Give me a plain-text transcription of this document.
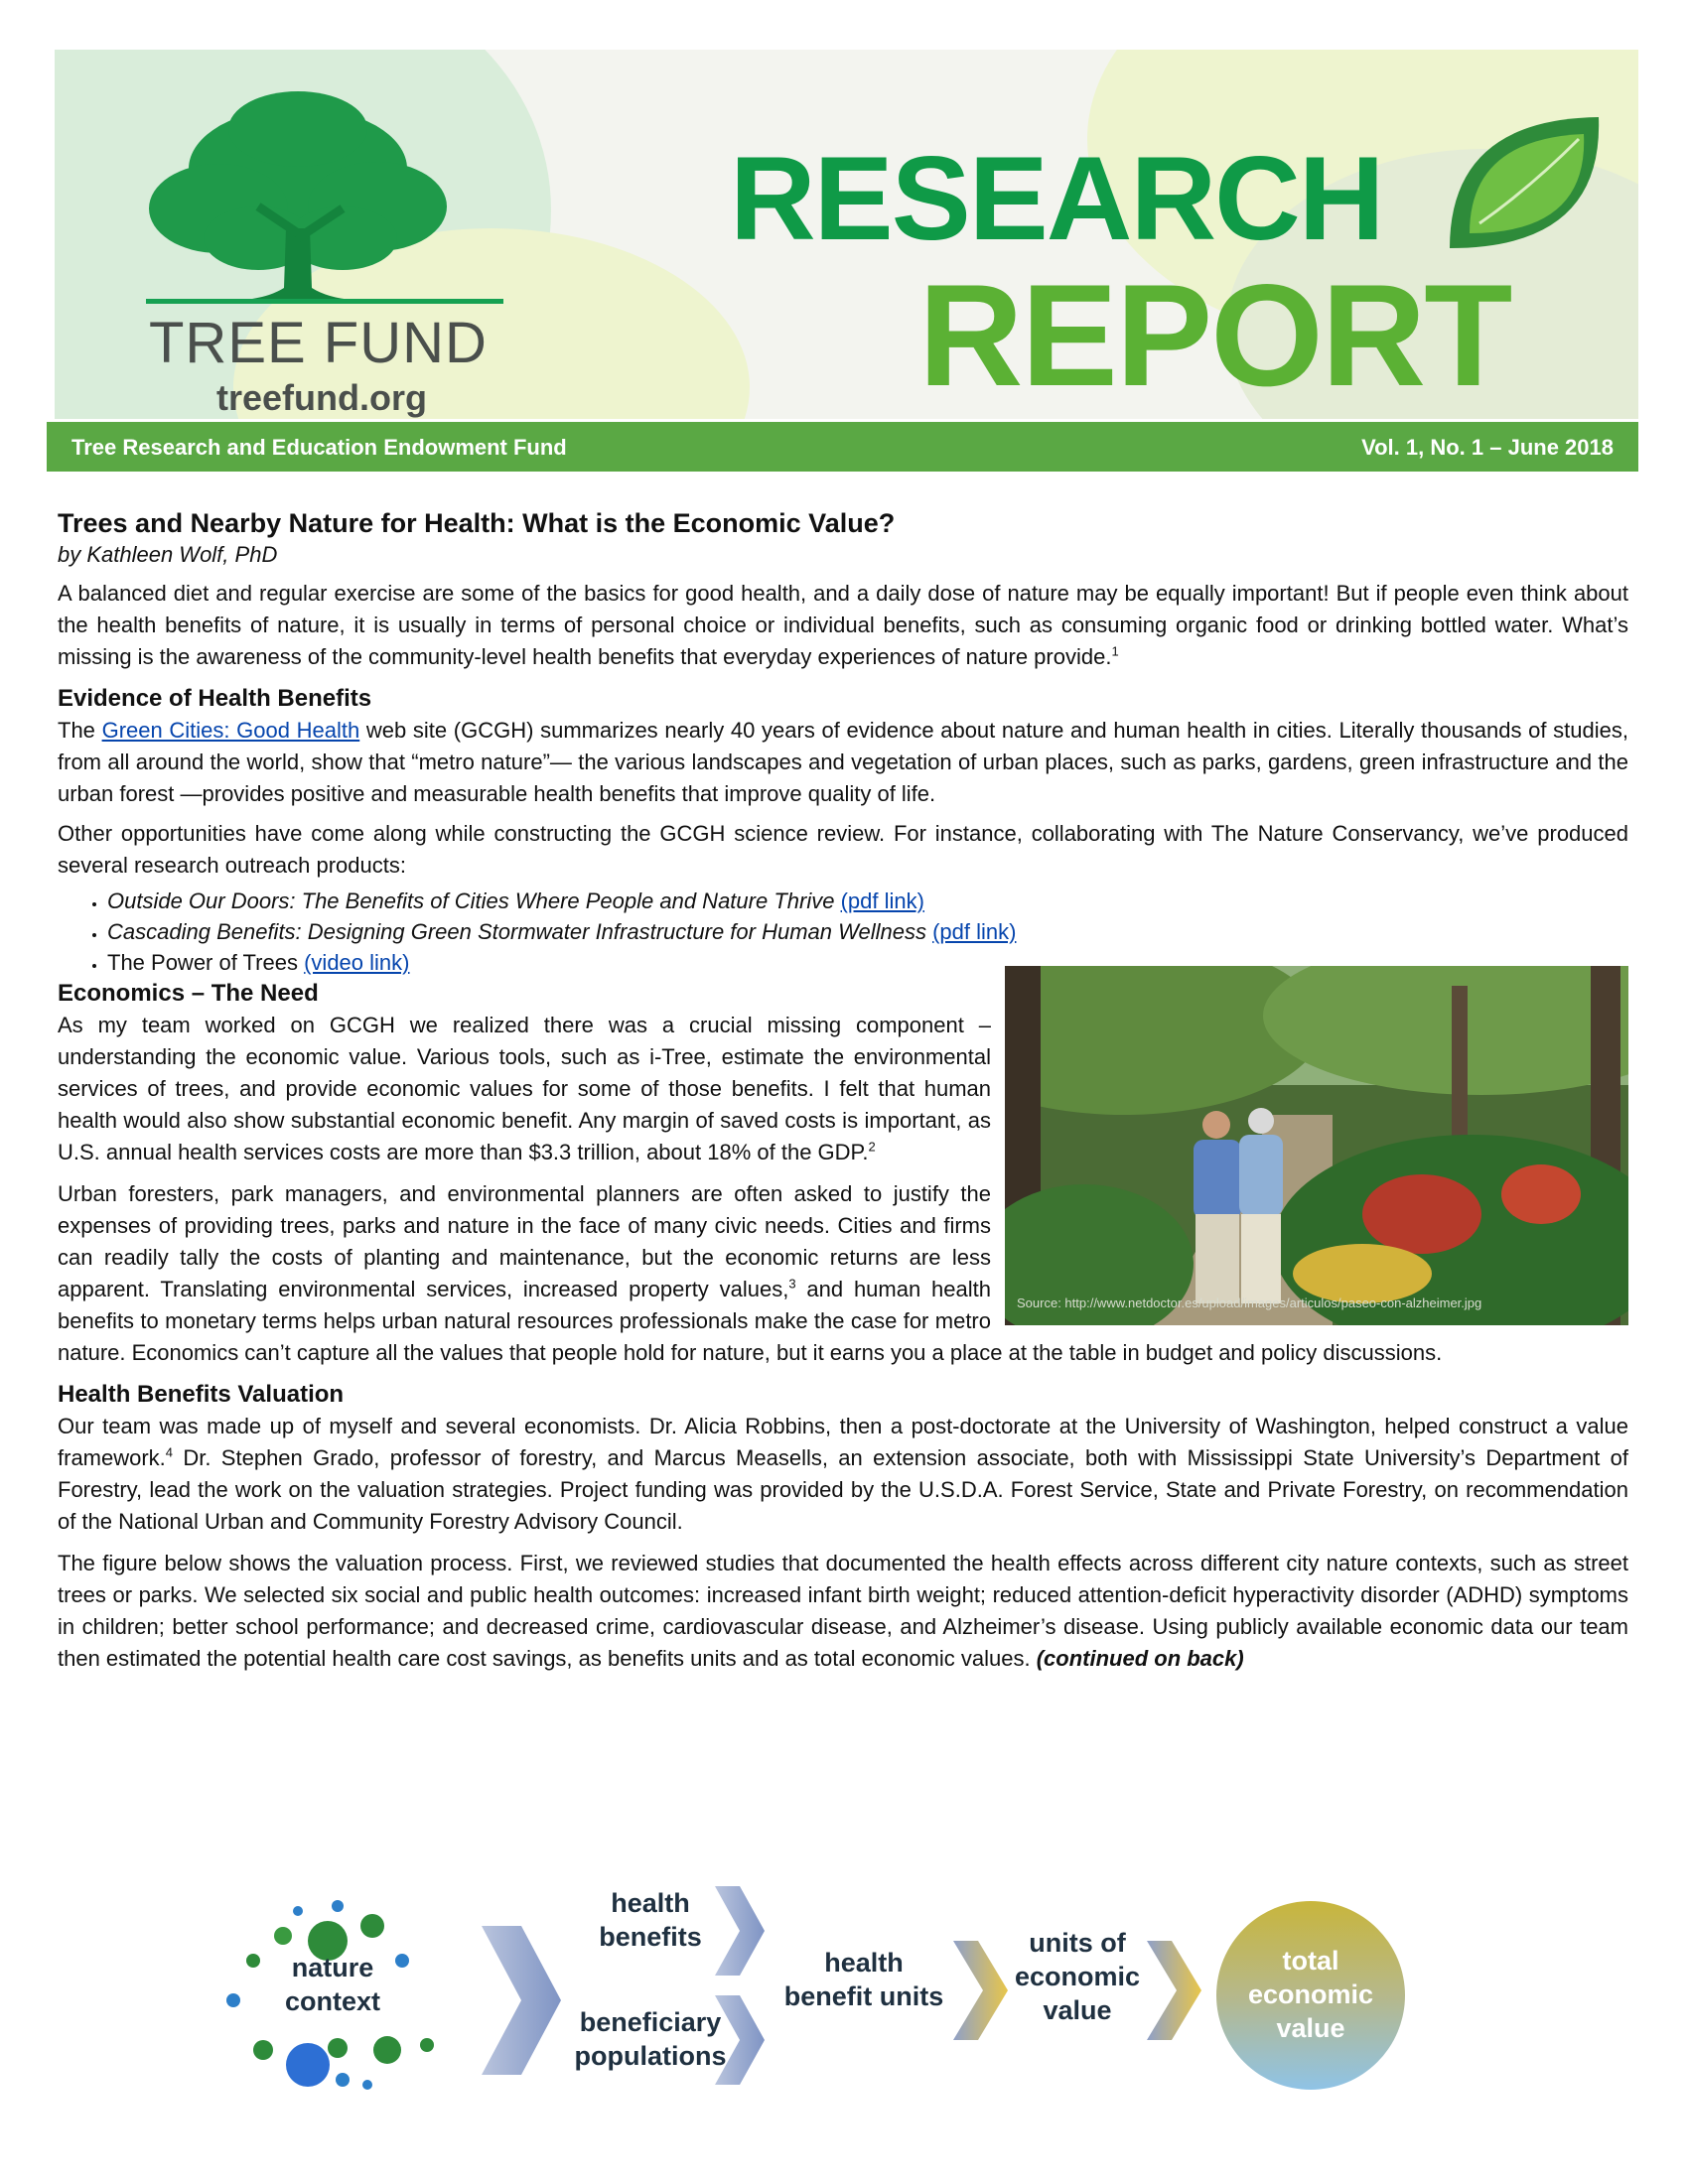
TREE FUND
treefund.org
RESEARCH
REPORT
Tree Research and Education Endowment Fund	Vol. 1, No. 1 – June 2018
Trees and Nearby Nature for Health: What is the Economic Value?
by Kathleen Wolf, PhD

A balanced diet and regular exercise are some of the basics for good health, and a daily dose of nature may be equally important! But if people even think about the health benefits of nature, it is usually in terms of personal choice or individual benefits, such as consuming organic food or drinking bottled water. What’s missing is the awareness of the community-level health benefits that everyday experiences of nature provide.$^1$

Evidence of Health Benefits

The Green Cities: Good Health web site (GCGH) summarizes nearly 40 years of evidence about nature and human health in cities. Literally thousands of studies, from all around the world, show that “metro nature”— the various landscapes and vegetation of urban places, such as parks, gardens, green infrastructure and the urban forest —provides positive and measurable health benefits that improve quality of life.

Other opportunities have come along while constructing the GCGH science review. For instance, collaborating with The Nature Conservancy, we’ve produced several research outreach products:

• Outside Our Doors: The Benefits of Cities Where People and Nature Thrive (pdf link)
• Cascading Benefits: Designing Green Stormwater Infrastructure for Human Wellness (pdf link)
• The Power of Trees (video link)
Source: http://www.netdoctor.es/upload/images/articulos/paseo-con-alzheimer.jpg
Economics – The Need

As my team worked on GCGH we realized there was a crucial missing component – understanding the economic value. Various tools, such as i-Tree, estimate the environmental services of trees, and provide economic values for some of those benefits. I felt that human health would also show substantial economic benefit. Any margin of saved costs is important, as U.S. annual health services costs are more than $3.3 trillion, about 18% of the GDP.$^2$

Urban foresters, park managers, and environmental planners are often asked to justify the expenses of providing trees, parks and nature in the face of many civic needs. Cities and firms can readily tally the costs of planting and maintenance, but the economic returns are less apparent. Translating environmental services, increased property values,$^3$ and human health benefits to monetary terms helps urban natural resources professionals make the case for metro nature. Economics can’t capture all the values that people hold for nature, but it earns you a place at the table in budget and policy discussions.

Health Benefits Valuation

Our team was made up of myself and several economists. Dr. Alicia Robbins, then a post-doctorate at the University of Washington, helped construct a value framework.$^4$ Dr. Stephen Grado, professor of forestry, and Marcus Measells, an extension associate, both with Mississippi State University’s Department of Forestry, lead the work on the valuation strategies. Project funding was provided by the U.S.D.A. Forest Service, State and Private Forestry, on recommendation of the National Urban and Community Forestry Advisory Council.

The figure below shows the valuation process. First, we reviewed studies that documented the health effects across different city nature contexts, such as street trees or parks. We selected six social and public health outcomes: increased infant birth weight; reduced attention-deficit hyperactivity disorder (ADHD) symptoms in children; better school performance; and decreased crime, cardiovascular disease, and Alzheimer’s disease. Using publicly available economic data our team then estimated the potential health care cost savings, as benefits units and as total economic values. (continued on back)

nature
context
health
benefits
beneficiary
populations
health
benefit units
units of
economic
value
total
economic
value
